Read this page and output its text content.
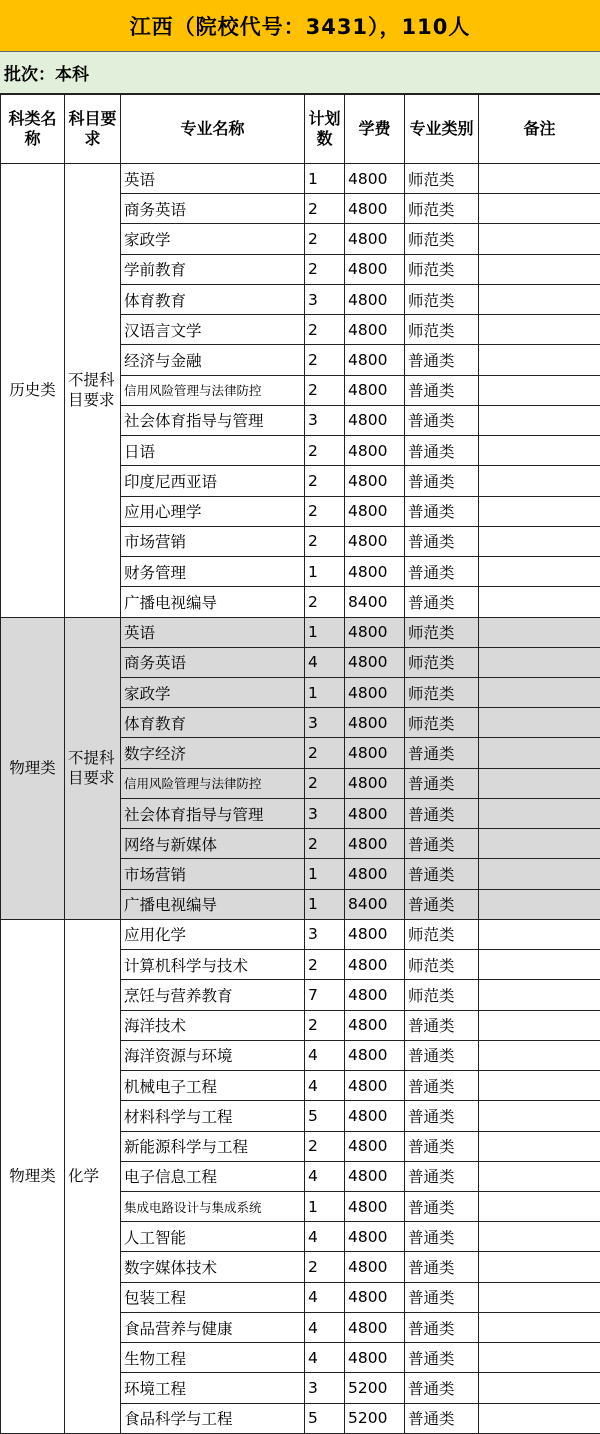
江西（院校代号：3431），110人
批次：本科
科类名称	科目要求	专业名称	计划数	学费	专业类别	备注
历史类	不提科目要求	英语	1	4800	师范类	
		商务英语	2	4800	师范类	
		家政学	2	4800	师范类	
		学前教育	2	4800	师范类	
		体育教育	3	4800	师范类	
		汉语言文学	2	4800	师范类	
		经济与金融	2	4800	普通类	
		信用风险管理与法律防控	2	4800	普通类	
		社会体育指导与管理	3	4800	普通类	
		日语	2	4800	普通类	
		印度尼西亚语	2	4800	普通类	
		应用心理学	2	4800	普通类	
		市场营销	2	4800	普通类	
		财务管理	1	4800	普通类	
		广播电视编导	2	8400	普通类	
物理类	不提科目要求	英语	1	4800	师范类	
		商务英语	4	4800	师范类	
		家政学	1	4800	师范类	
		体育教育	3	4800	师范类	
		数字经济	2	4800	普通类	
		信用风险管理与法律防控	2	4800	普通类	
		社会体育指导与管理	3	4800	普通类	
		网络与新媒体	2	4800	普通类	
		市场营销	1	4800	普通类	
		广播电视编导	1	8400	普通类	
物理类	化学	应用化学	3	4800	师范类	
		计算机科学与技术	2	4800	师范类	
		烹饪与营养教育	7	4800	师范类	
		海洋技术	2	4800	普通类	
		海洋资源与环境	4	4800	普通类	
		机械电子工程	4	4800	普通类	
		材料科学与工程	5	4800	普通类	
		新能源科学与工程	2	4800	普通类	
		电子信息工程	4	4800	普通类	
		集成电路设计与集成系统	1	4800	普通类	
		人工智能	4	4800	普通类	
		数字媒体技术	2	4800	普通类	
		包装工程	4	4800	普通类	
		食品营养与健康	4	4800	普通类	
		生物工程	4	4800	普通类	
		环境工程	3	5200	普通类	
		食品科学与工程	5	5200	普通类	
